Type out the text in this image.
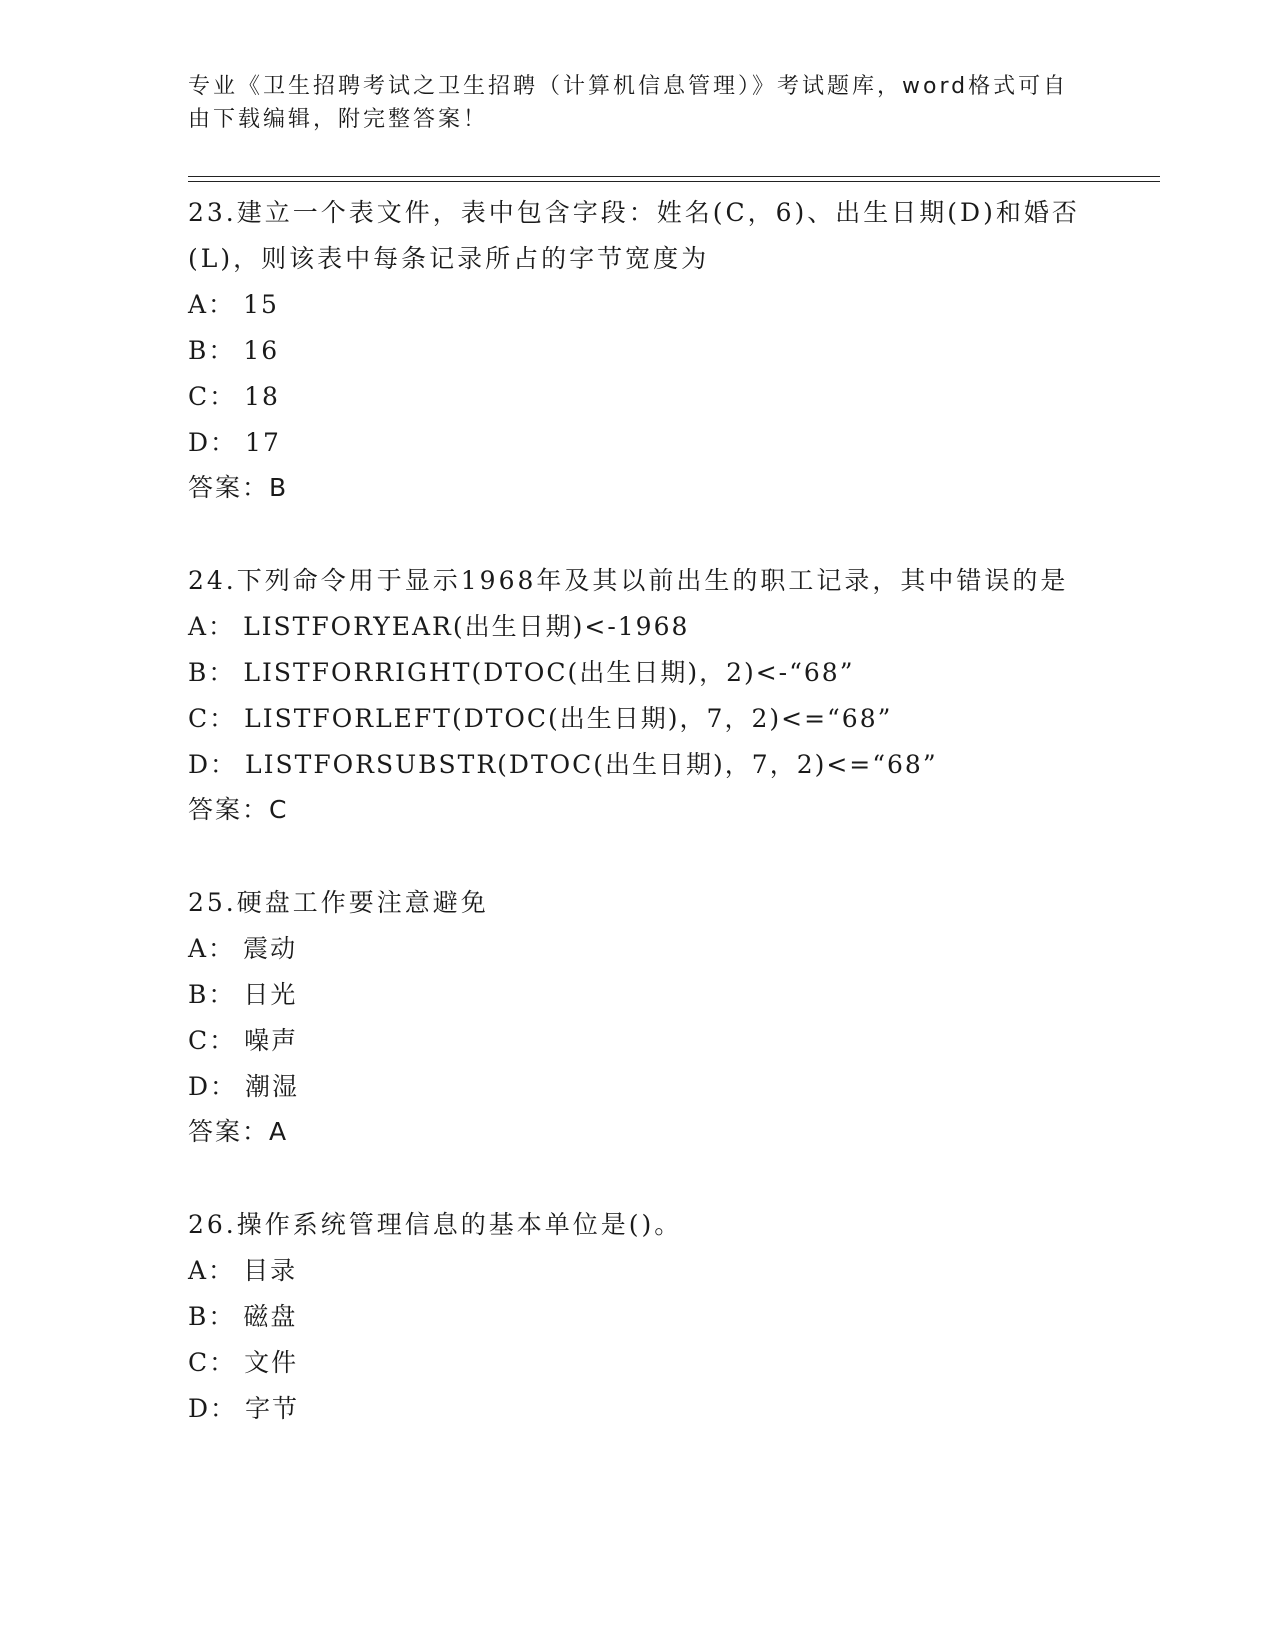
专业《卫生招聘考试之卫生招聘（计算机信息管理）》考试题库，word格式可自由下载编辑，附完整答案！

23.建立一个表文件，表中包含字段：姓名(C，6)、出生日期(D)和婚否(L)，则该表中每条记录所占的字节宽度为

A： 15

B： 16

C： 18

D： 17

答案：B

24.下列命令用于显示1968年及其以前出生的职工记录，其中错误的是

A： LISTFORYEAR(出生日期)<-1968

B： LISTFORRIGHT(DTOC(出生日期)，2)<-“68”

C： LISTFORLEFT(DTOC(出生日期)，7，2)<=“68”

D： LISTFORSUBSTR(DTOC(出生日期)，7，2)<=“68”

答案：C

25.硬盘工作要注意避免

A： 震动

B： 日光

C： 噪声

D： 潮湿

答案：A

26.操作系统管理信息的基本单位是()。

A： 目录

B： 磁盘

C： 文件

D： 字节
